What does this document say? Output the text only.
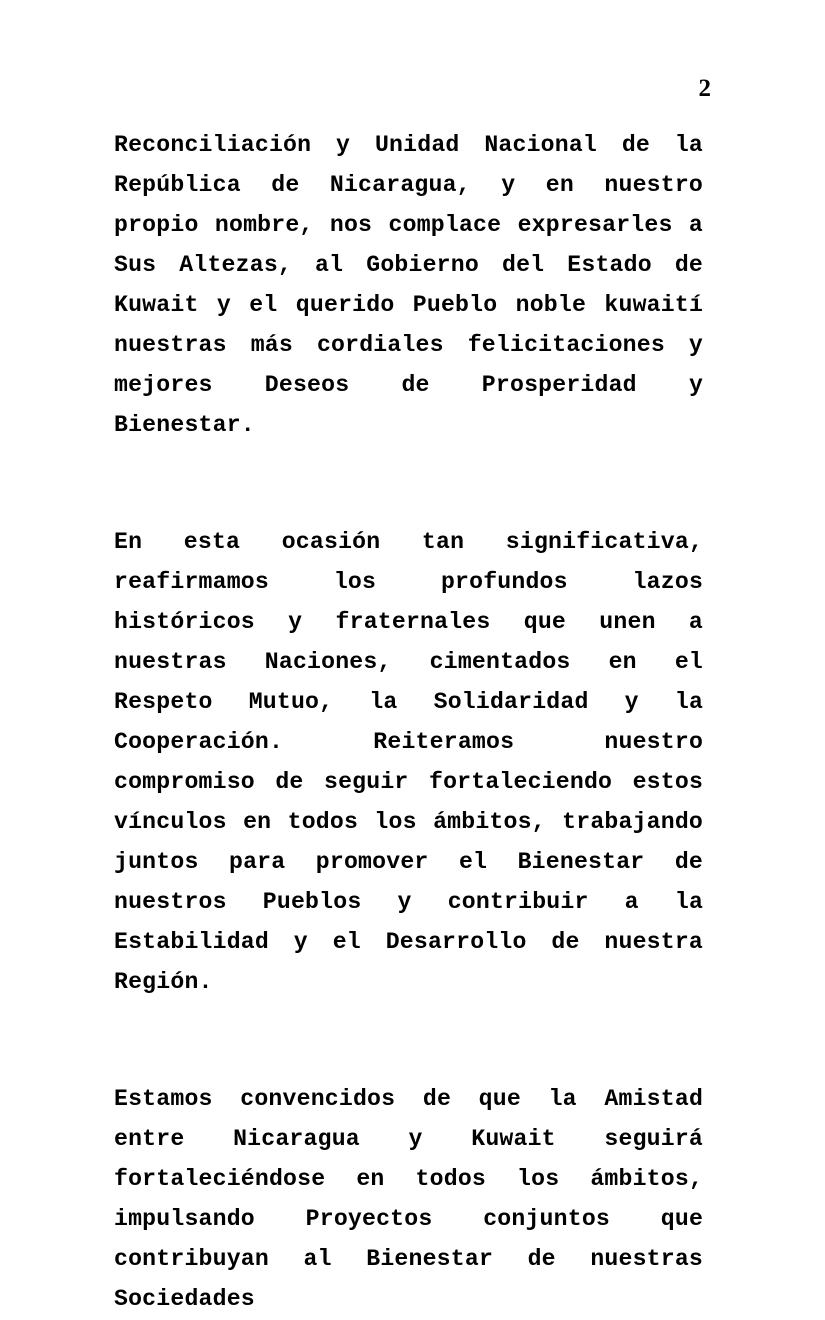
2

Reconciliación y Unidad Nacional de la República de Nicaragua, y en nuestro propio nombre, nos complace expresarles a Sus Altezas, al Gobierno del Estado de Kuwait y el querido Pueblo noble kuwaití nuestras más cordiales felicitaciones y mejores Deseos de Prosperidad y Bienestar.

En esta ocasión tan significativa, reafirmamos los profundos lazos históricos y fraternales que unen a nuestras Naciones, cimentados en el Respeto Mutuo, la Solidaridad y la Cooperación. Reiteramos nuestro compromiso de seguir fortaleciendo estos vínculos en todos los ámbitos, trabajando juntos para promover el Bienestar de nuestros Pueblos y contribuir a la Estabilidad y el Desarrollo de nuestra Región.

Estamos convencidos de que la Amistad entre Nicaragua y Kuwait seguirá fortaleciéndose en todos los ámbitos, impulsando Proyectos conjuntos que contribuyan al Bienestar de nuestras Sociedades
